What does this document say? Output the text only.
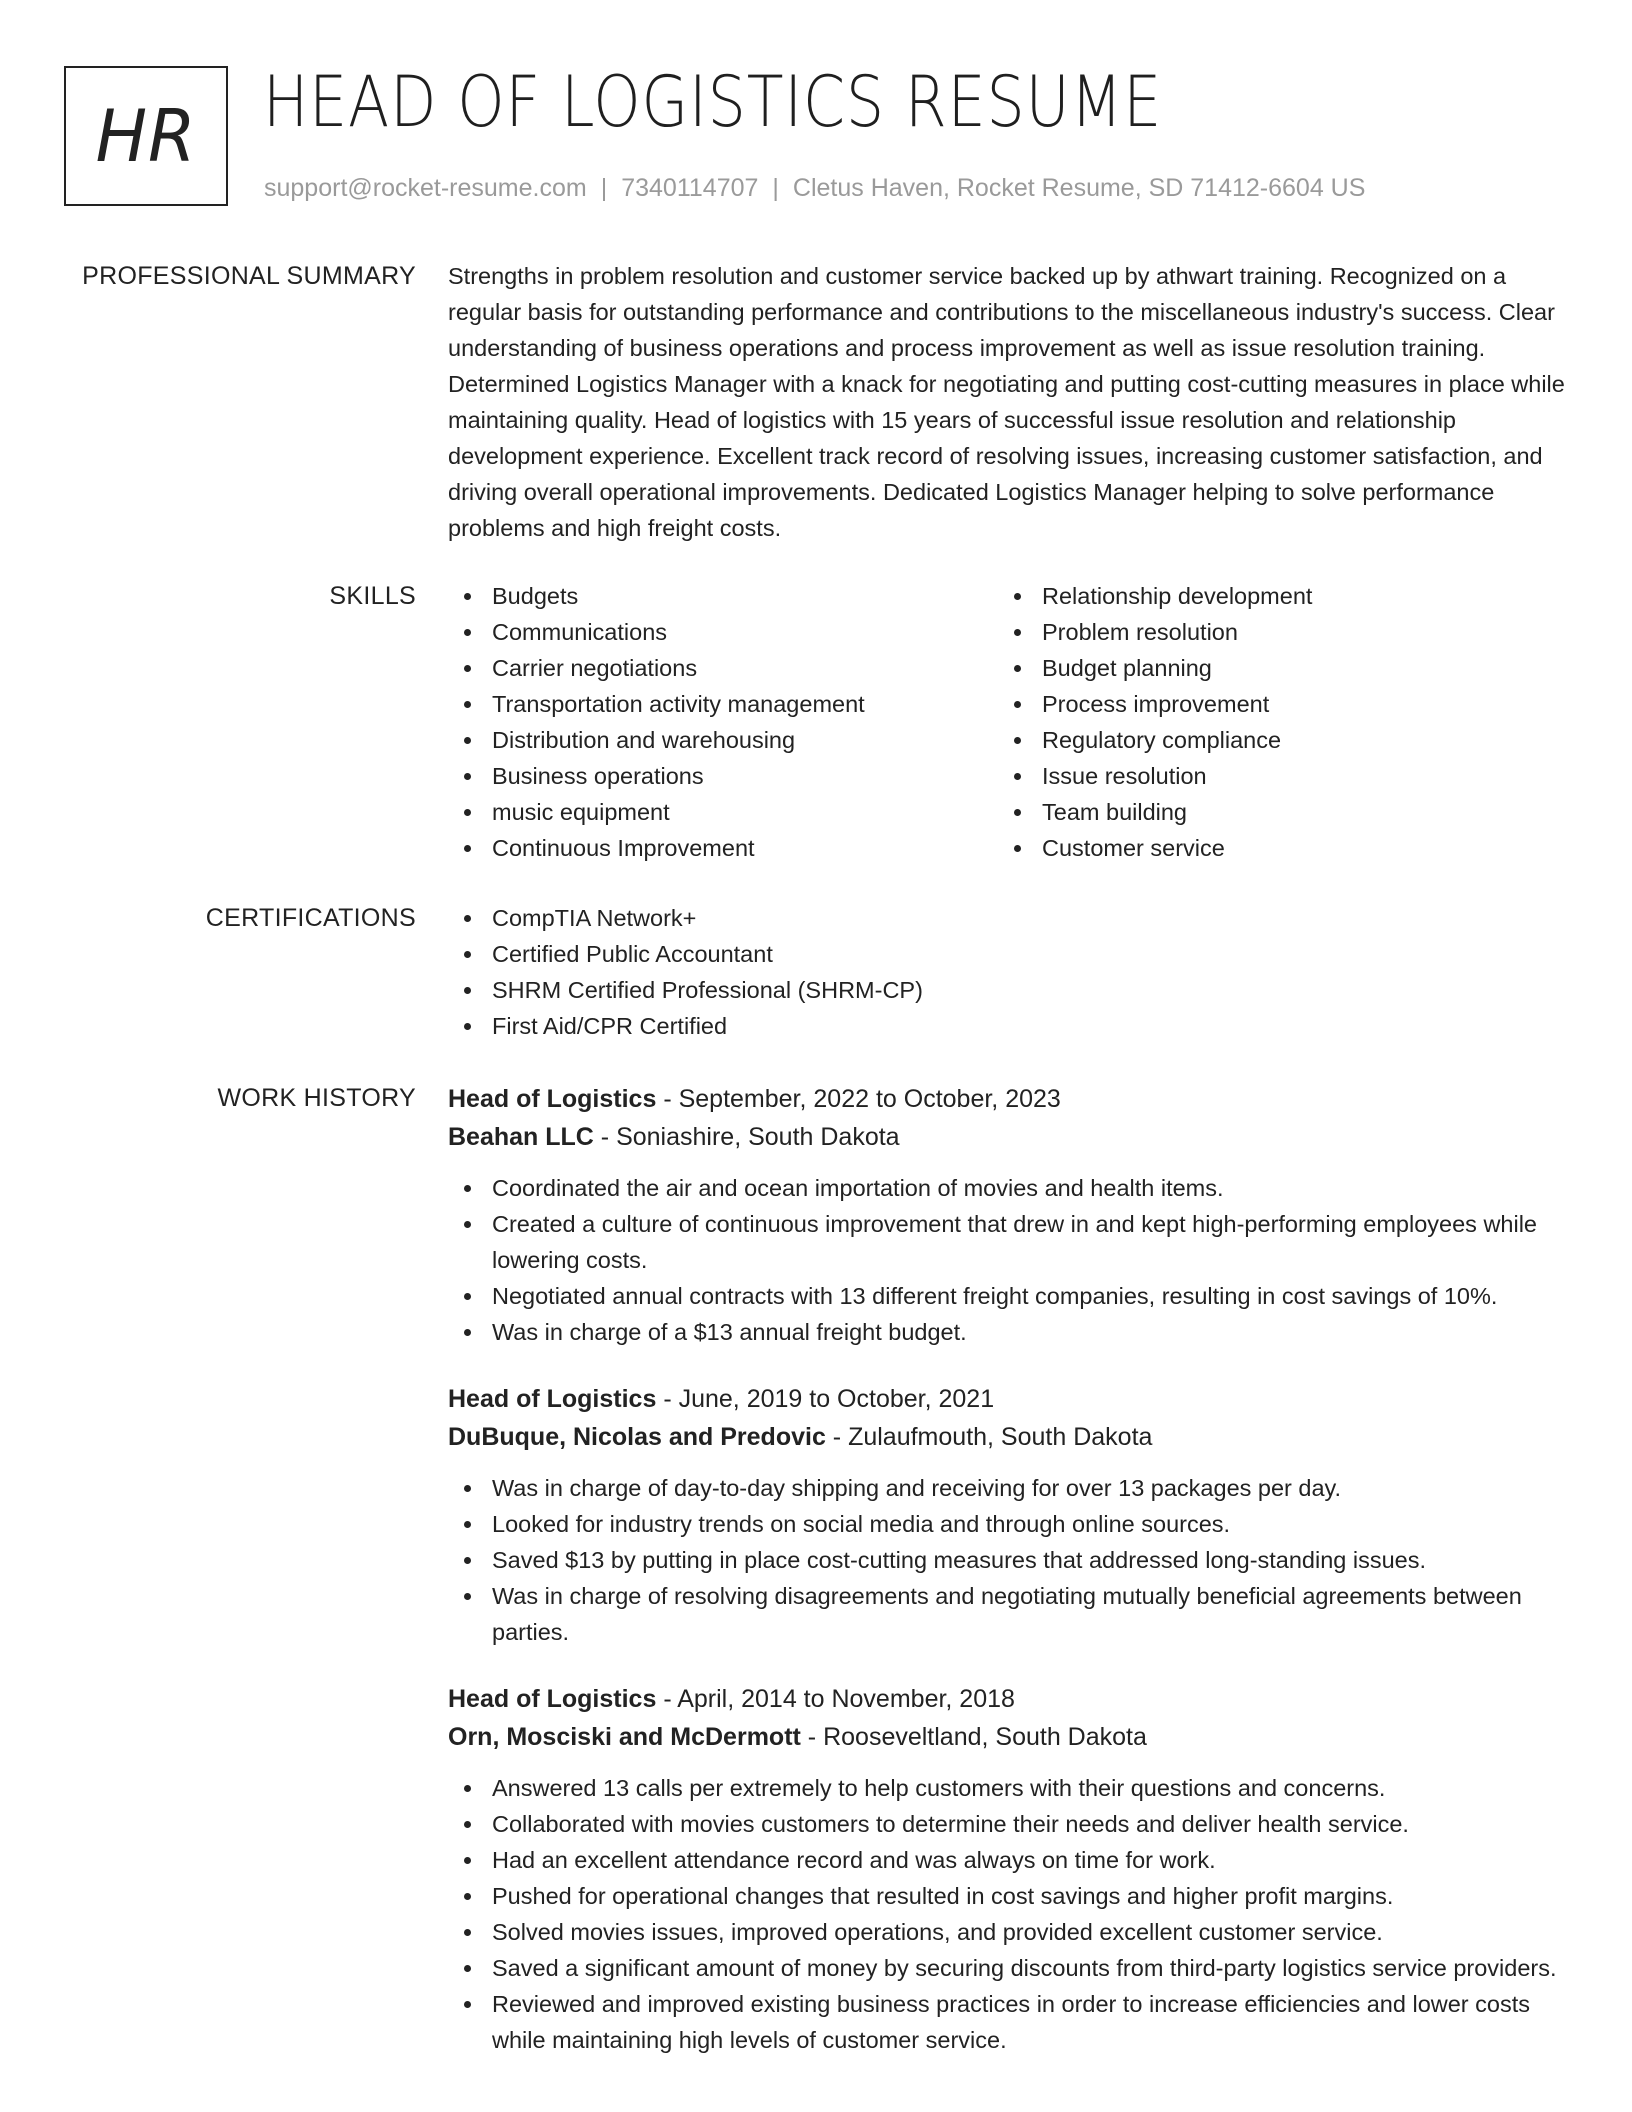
HR HEAD OF LOGISTICS RESUME
support@rocket-resume.com | 7340114707 | Cletus Haven, Rocket Resume, SD 71412-6604 US
PROFESSIONAL SUMMARY Strengths in problem resolution and customer service backed up by athwart training. Recognized on a regular basis for outstanding performance and contributions to the miscellaneous industry's success. Clear understanding of business operations and process improvement as well as issue resolution training. Determined Logistics Manager with a knack for negotiating and putting cost-cutting measures in place while maintaining quality. Head of logistics with 15 years of successful issue resolution and relationship development experience. Excellent track record of resolving issues, increasing customer satisfaction, and driving overall operational improvements. Dedicated Logistics Manager helping to solve performance problems and high freight costs.

SKILLS	Budgets
Communications
Carrier negotiations
Transportation activity management
Distribution and warehousing
Business operations
music equipment
Continuous Improvement
Relationship development
Problem resolution
Budget planning
Process improvement
Regulatory compliance
Issue resolution
Team building
Customer service
CERTIFICATIONS	CompTIA Network+
Certified Public Accountant
SHRM Certified Professional (SHRM-CP)
First Aid/CPR Certified
WORK HISTORY Head of Logistics - September, 2022 to October, 2023
Beahan LLC - Soniashire, South Dakota
Coordinated the air and ocean importation of movies and health items.
Created a culture of continuous improvement that drew in and kept high-performing employees while lowering costs.
Negotiated annual contracts with 13 different freight companies, resulting in cost savings of 10%.
Was in charge of a $13 annual freight budget.
Head of Logistics - June, 2019 to October, 2021
DuBuque, Nicolas and Predovic - Zulaufmouth, South Dakota
Was in charge of day-to-day shipping and receiving for over 13 packages per day.
Looked for industry trends on social media and through online sources.
Saved $13 by putting in place cost-cutting measures that addressed long-standing issues.
Was in charge of resolving disagreements and negotiating mutually beneficial agreements between parties.
Head of Logistics - April, 2014 to November, 2018
Orn, Mosciski and McDermott - Rooseveltland, South Dakota
Answered 13 calls per extremely to help customers with their questions and concerns.
Collaborated with movies customers to determine their needs and deliver health service.
Had an excellent attendance record and was always on time for work.
Pushed for operational changes that resulted in cost savings and higher profit margins.
Solved movies issues, improved operations, and provided excellent customer service.
Saved a significant amount of money by securing discounts from third-party logistics service providers.
Reviewed and improved existing business practices in order to increase efficiencies and lower costs while maintaining high levels of customer service.
